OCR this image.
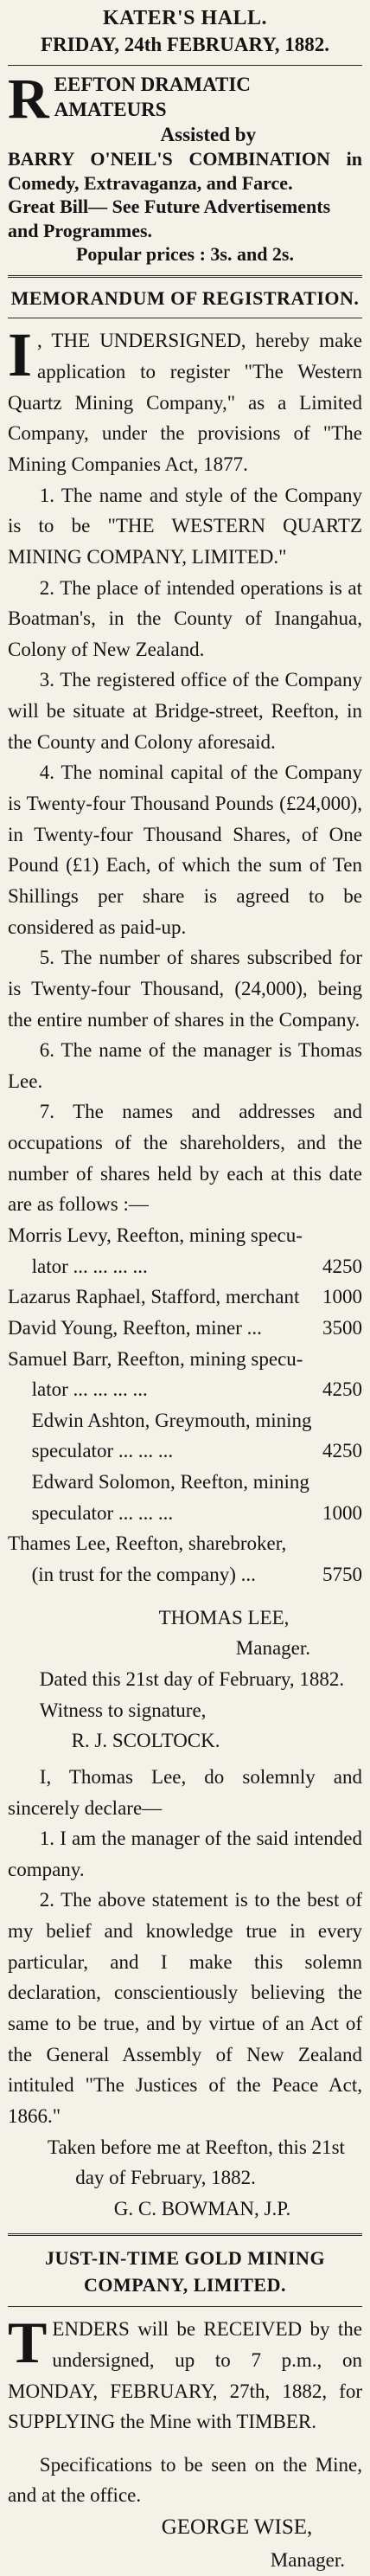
KATER'S HALL.

FRIDAY, 24th FEBRUARY, 1882.

REEFTON DRAMATIC AMATEURS

Assisted by

BARRY O'NEIL'S COMBINATION in Comedy, Extravaganza, and Farce.

Great Bill— See Future Advertisements and Programmes.

Popular prices : 3s. and 2s.

MEMORANDUM OF REGISTRATION.

I , THE UNDERSIGNED, hereby make application to register "The Western Quartz Mining Company," as a Limited Company, under the provisions of "The Mining Companies Act, 1877.

1. The name and style of the Company is to be "THE WESTERN QUARTZ MINING COMPANY, LIMITED."

2. The place of intended operations is at Boatman's, in the County of Inangahua, Colony of New Zealand.

3. The registered office of the Company will be situate at Bridge-street, Reefton, in the County and Colony aforesaid.

4. The nominal capital of the Company is Twenty-four Thousand Pounds (£24,000), in Twenty-four Thousand Shares, of One Pound (£1) Each, of which the sum of Ten Shillings per share is agreed to be considered as paid-up.

5. The number of shares subscribed for is Twenty-four Thousand, (24,000), being the entire number of shares in the Company.

6. The name of the manager is Thomas Lee.

7. The names and addresses and occupations of the shareholders, and the number of shares held by each at this date are as follows :—

Morris Levy, Reefton, mining specu-
lator ... ... ... ...	4250
Lazarus Raphael, Stafford, merchant 1000
David Young, Reefton, miner ...	3500
Samuel Barr, Reefton, mining specu-
lator ... ... ... ...	4250
Edwin Ashton, Greymouth, mining
speculator ... ... ...	4250
Edward Solomon, Reefton, mining
speculator ... ... ...	1000
Thames Lee, Reefton, sharebroker,
(in trust for the company) ...	5750

THOMAS LEE,

Manager.

Dated this 21st day of February, 1882.

Witness to signature,

R. J. SCOLTOCK.

I, Thomas Lee, do solemnly and sincerely declare—

1. I am the manager of the said intended company.

2. The above statement is to the best of my belief and knowledge true in every particular, and I make this solemn declaration, conscientiously believing the same to be true, and by virtue of an Act of the General Assembly of New Zealand intituled "The Justices of the Peace Act, 1866."

Taken before me at Reefton, this 21st day of February, 1882.

G. C. BOWMAN, J.P.

JUST-IN-TIME GOLD MINING COMPANY, LIMITED.

TENDERS will be RECEIVED by the undersigned, up to 7 p.m., on MONDAY, FEBRUARY, 27th, 1882, for SUPPLYING the Mine with TIMBER.

Specifications to be seen on the Mine, and at the office.

GEORGE WISE,

Manager.
